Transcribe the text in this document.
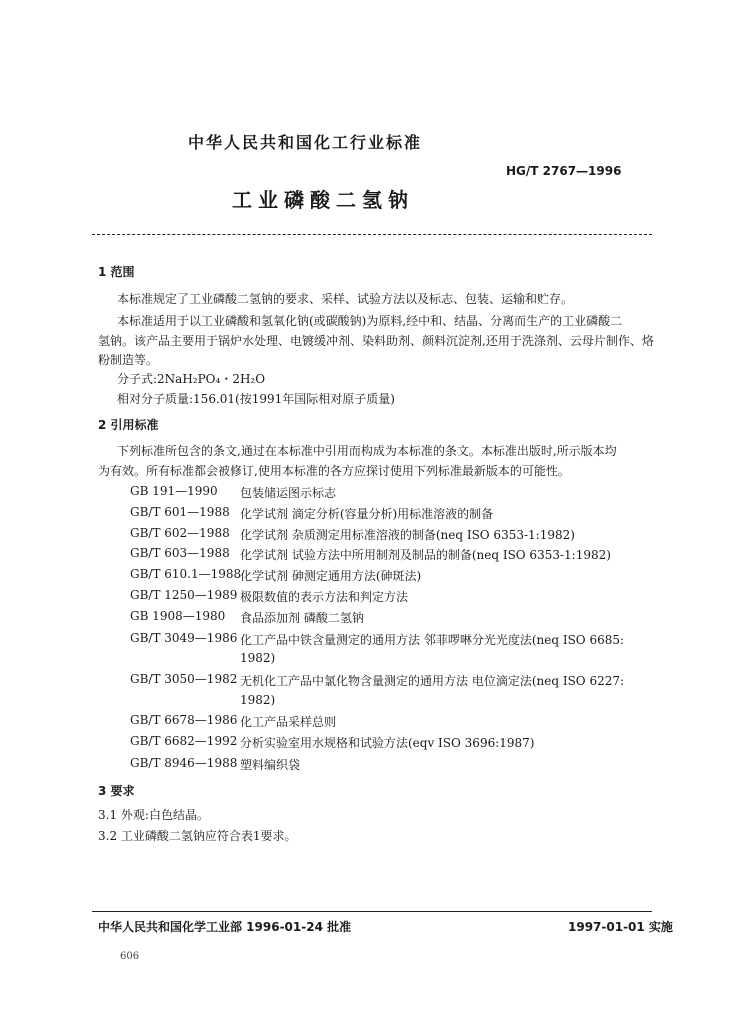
中华人民共和国化工行业标准
HG/T 2767—1996
工业磷酸二氢钠
1 范围
本标准规定了工业磷酸二氢钠的要求、采样、试验方法以及标志、包装、运输和贮存。
本标准适用于以工业磷酸和氢氧化钠(或碳酸钠)为原料,经中和、结晶、分离而生产的工业磷酸二
氢钠。该产品主要用于锅炉水处理、电镀缓冲剂、染料助剂、颜料沉淀剂,还用于洗涤剂、云母片制作、烙
粉制造等。
分子式:2NaH₂PO₄・2H₂O
相对分子质量:156.01(按1991年国际相对原子质量)
2 引用标准
下列标准所包含的条文,通过在本标准中引用而构成为本标准的条文。本标准出版时,所示版本均
为有效。所有标准都会被修订,使用本标准的各方应探讨使用下列标准最新版本的可能性。
GB 191—1990 包装储运图示标志
GB/T 601—1988 化学试剂 滴定分析(容量分析)用标准溶液的制备
GB/T 602—1988 化学试剂 杂质测定用标准溶液的制备(neq ISO 6353-1:1982)
GB/T 603—1988 化学试剂 试验方法中所用制剂及制品的制备(neq ISO 6353-1:1982)
GB/T 610.1—1988
化学试剂 砷测定通用方法(砷斑法)
GB/T 1250—1989 极限数值的表示方法和判定方法
GB 1908—1980 食品添加剂 磷酸二氢钠
GB/T 3049—1986 化工产品中铁含量测定的通用方法 邻菲啰啉分光光度法(neq ISO 6685:
1982)
GB/T 3050—1982 无机化工产品中氯化物含量测定的通用方法 电位滴定法(neq ISO 6227:
1982)
GB/T 6678—1986 化工产品采样总则
GB/T 6682—1992 分析实验室用水规格和试验方法(eqv ISO 3696:1987)
GB/T 8946—1988 塑料编织袋
3 要求
3.1 外观:白色结晶。
3.2 工业磷酸二氢钠应符合表1要求。
中华人民共和国化学工业部 1996-01-24 批准	1997-01-01 实施
606
